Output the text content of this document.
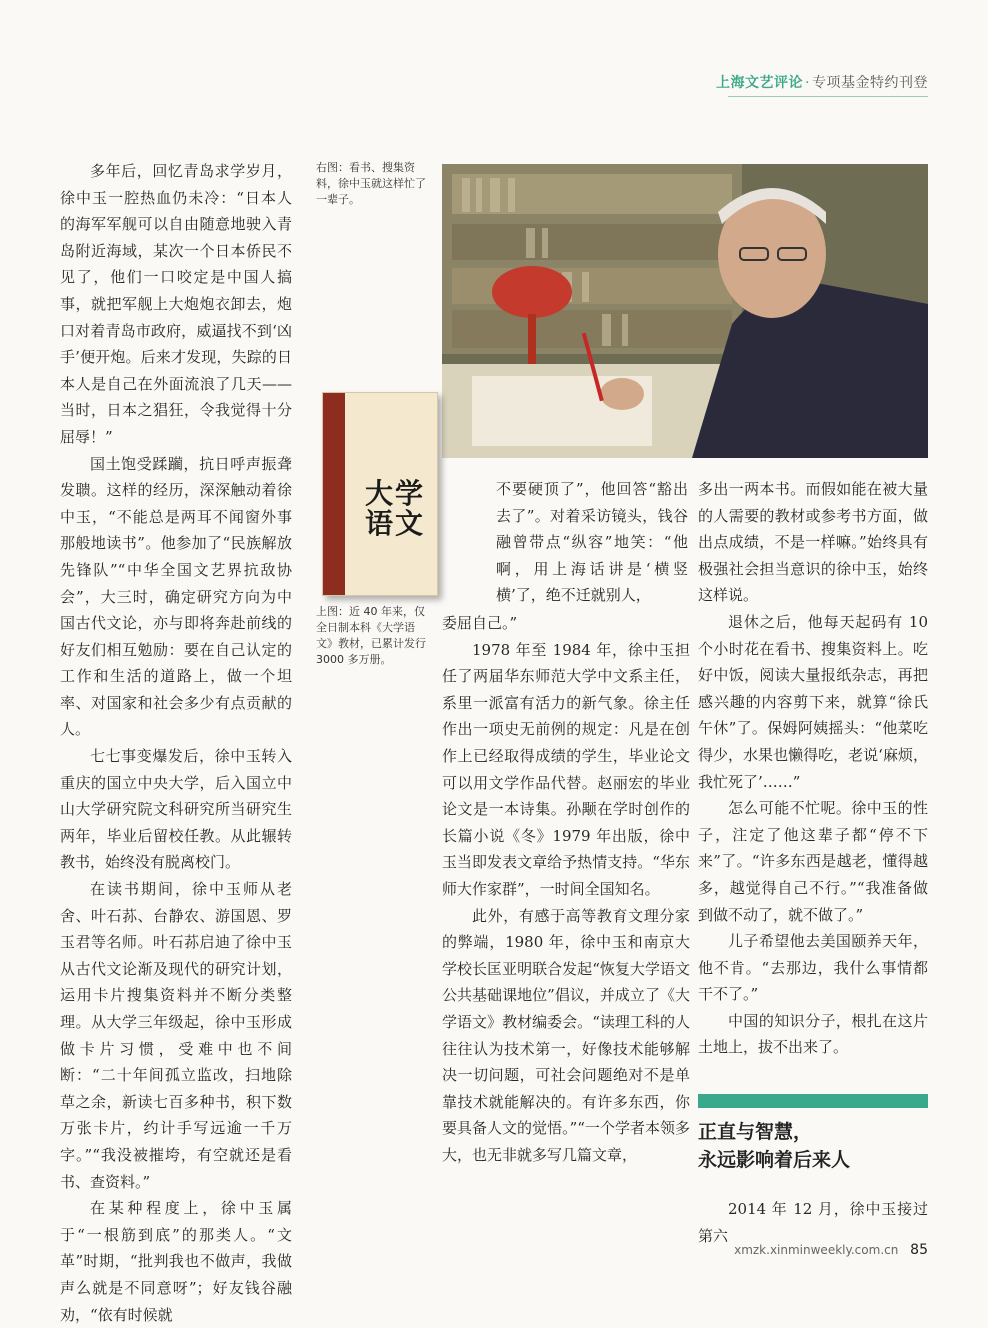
上海文艺评论 · 专项基金特约刊登

多年后，回忆青岛求学岁月，徐中玉一腔热血仍未冷：“日本人的海军军舰可以自由随意地驶入青岛附近海域，某次一个日本侨民不见了，他们一口咬定是中国人搞事，就把军舰上大炮炮衣卸去，炮口对着青岛市政府，威逼找不到‘凶手’便开炮。后来才发现，失踪的日本人是自己在外面流浪了几天——当时，日本之猖狂，令我觉得十分屈辱！”

国土饱受蹂躏，抗日呼声振聋发聩。这样的经历，深深触动着徐中玉，“不能总是两耳不闻窗外事那般地读书”。他参加了“民族解放先锋队”“中华全国文艺界抗敌协会”，大三时，确定研究方向为中国古代文论，亦与即将奔赴前线的好友们相互勉励：要在自己认定的工作和生活的道路上，做一个坦率、对国家和社会多少有点贡献的人。

七七事变爆发后，徐中玉转入重庆的国立中央大学，后入国立中山大学研究院文科研究所当研究生两年，毕业后留校任教。从此辗转教书，始终没有脱离校门。

在读书期间，徐中玉师从老舍、叶石荪、台静农、游国恩、罗玉君等名师。叶石荪启迪了徐中玉从古代文论渐及现代的研究计划，运用卡片搜集资料并不断分类整理。从大学三年级起，徐中玉形成做卡片习惯，受难中也不间断：“二十年间孤立监改，扫地除草之余，新读七百多种书，积下数万张卡片，约计手写远逾一千万字。”“我没被摧垮，有空就还是看书、查资料。”

在某种程度上，徐中玉属于“一根筋到底”的那类人。“文革”时期，“批判我也不做声，我做声么就是不同意呀”；好友钱谷融劝，“依有时候就

右图：看书、搜集资料，徐中玉就这样忙了一辈子。
大学
语文
上图：近 40 年来，仅全日制本科《大学语文》教材，已累计发行 3000 多万册。

不要硬顶了”，他回答“豁出去了”。对着采访镜头，钱谷融曾带点“纵容”地笑：“他啊，用上海话讲是‘横竖横’了，绝不迁就别人，

委屈自己。”

1978 年至 1984 年，徐中玉担任了两届华东师范大学中文系主任，系里一派富有活力的新气象。徐主任作出一项史无前例的规定：凡是在创作上已经取得成绩的学生，毕业论文可以用文学作品代替。赵丽宏的毕业论文是一本诗集。孙颙在学时创作的长篇小说《冬》1979 年出版，徐中玉当即发表文章给予热情支持。“华东师大作家群”，一时间全国知名。

此外，有感于高等教育文理分家的弊端，1980 年，徐中玉和南京大学校长匡亚明联合发起“恢复大学语文公共基础课地位”倡议，并成立了《大学语文》教材编委会。“读理工科的人往往认为技术第一，好像技术能够解决一切问题，可社会问题绝对不是单靠技术就能解决的。有许多东西，你要具备人文的觉悟。”“一个学者本领多大，也无非就多写几篇文章，

多出一两本书。而假如能在被大量的人需要的教材或参考书方面，做出点成绩，不是一样嘛。”始终具有极强社会担当意识的徐中玉，始终这样说。

退休之后，他每天起码有 10 个小时花在看书、搜集资料上。吃好中饭，阅读大量报纸杂志，再把感兴趣的内容剪下来，就算“徐氏午休”了。保姆阿姨摇头：“他菜吃得少，水果也懒得吃，老说‘麻烦，我忙死了’……”

怎么可能不忙呢。徐中玉的性子，注定了他这辈子都“停不下来”了。“许多东西是越老，懂得越多，越觉得自己不行。”“我准备做到做不动了，就不做了。”

儿子希望他去美国颐养天年，他不肯。“去那边，我什么事情都干不了。”

中国的知识分子，根扎在这片土地上，拔不出来了。

正直与智慧，
永远影响着后来人

2014 年 12 月，徐中玉接过第六

xmzk.xinminweekly.com.cn 85
